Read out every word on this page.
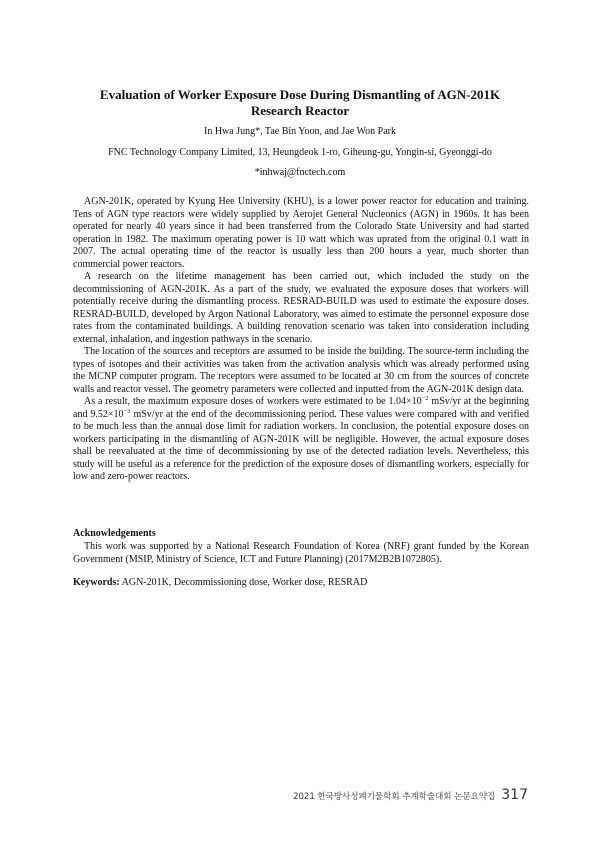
Evaluation of Worker Exposure Dose During Dismantling of AGN-201K Research Reactor
In Hwa Jung*, Tae Bin Yoon, and Jae Won Park
FNC Technology Company Limited, 13, Heungdeok 1-ro, Giheung-gu, Yongin-si, Gyeonggi-do
*inhwaj@fnctech.com

AGN-201K, operated by Kyung Hee University (KHU), is a lower power reactor for education and training. Tens of AGN type reactors were widely supplied by Aerojet General Nucleonics (AGN) in 1960s. It has been operated for nearly 40 years since it had been transferred from the Colorado State University and had started operation in 1982. The maximum operating power is 10 watt which was uprated from the original 0.1 watt in 2007. The actual operating time of the reactor is usually less than 200 hours a year, much shorter than commercial power reactors.

A research on the lifetime management has been carried out, which included the study on the decommissioning of AGN-201K. As a part of the study, we evaluated the exposure doses that workers will potentially receive during the dismantling process. RESRAD-BUILD was used to estimate the exposure doses. RESRAD-BUILD, developed by Argon National Laboratory, was aimed to estimate the personnel exposure dose rates from the contaminated buildings. A building renovation scenario was taken into consideration including external, inhalation, and ingestion pathways in the scenario.

The location of the sources and receptors are assumed to be inside the building. The source-term including the types of isotopes and their activities was taken from the activation analysis which was already performed using the MCNP computer program. The receptors were assumed to be located at 30 cm from the sources of concrete walls and reactor vessel. The geometry parameters were collected and inputted from the AGN-201K design data.

As a result, the maximum exposure doses of workers were estimated to be $1.04\times 10^{-2}$ mSv/yr at the beginning and $9.52\times 10^{-3}$ mSv/yr at the end of the decommissioning period. These values were compared with and verified to be much less than the annual dose limit for radiation workers. In conclusion, the potential exposure doses on workers participating in the dismantling of AGN-201K will be negligible. However, the actual exposure doses shall be reevaluated at the time of decommissioning by use of the detected radiation levels. Nevertheless, this study will be useful as a reference for the prediction of the exposure doses of dismantling workers, especially for low and zero-power reactors.

Acknowledgements

This work was supported by a National Research Foundation of Korea (NRF) grant funded by the Korean Government (MSIP, Ministry of Science, ICT and Future Planning) (2017M2B2B1072805).

Keywords: AGN-201K, Decommissioning dose, Worker dose, RESRAD
2021 한국방사성폐기물학회 추계학술대회 논문요약집 317
